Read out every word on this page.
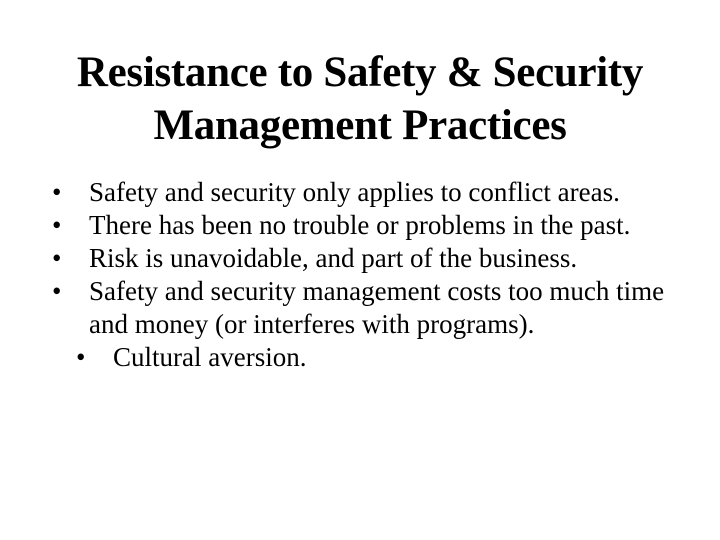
Resistance to Safety & Security
Management Practices
•	Safety and security only applies to conflict areas.
•	There has been no trouble or problems in the past.
•	Risk is unavoidable, and part of the business.
•	Safety and security management costs too much time and money (or interferes with programs).
•	Cultural aversion.
